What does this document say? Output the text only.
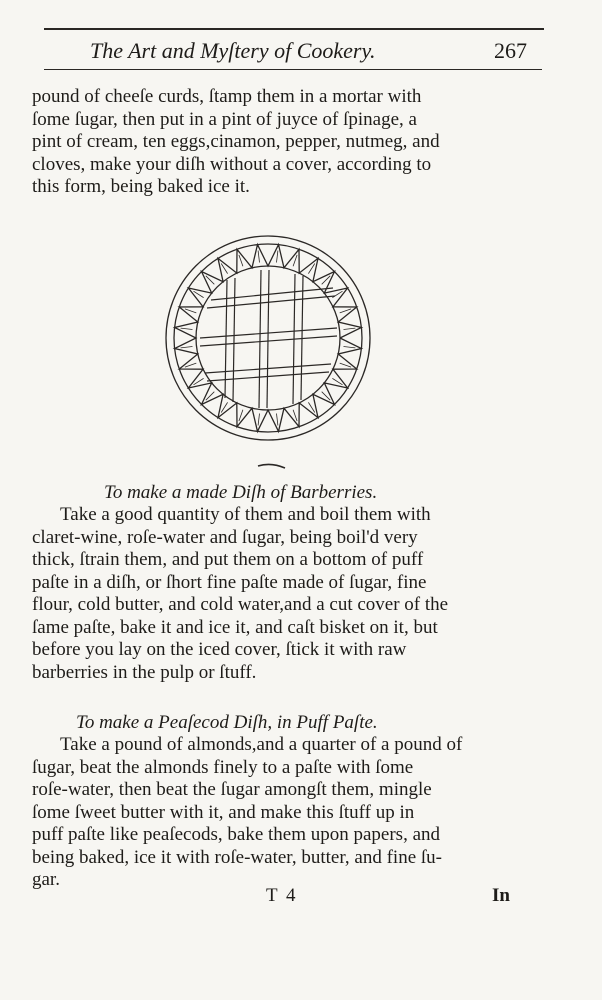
The Art and Myſtery of Cookery.	267
pound of cheeſe curds, ſtamp them in a mortar with
ſome ſugar, then put in a pint of juyce of ſpinage, a
pint of cream, ten eggs,cinamon, pepper, nutmeg, and
cloves, make your diſh without a cover, according to
this form, being baked ice it.
To make a made Diſh of Barberries.
Take a good quantity of them and boil them with
claret-wine, roſe-water and ſugar, being boil'd very
thick, ſtrain them, and put them on a bottom of puff
paſte in a diſh, or ſhort fine paſte made of ſugar, fine
flour, cold butter, and cold water,and a cut cover of the
ſame paſte, bake it and ice it, and caſt bisket on it, but
before you lay on the iced cover, ſtick it with raw
barberries in the pulp or ſtuff.
To make a Peaſecod Diſh, in Puff Paſte.
Take a pound of almonds,and a quarter of a pound of
ſugar, beat the almonds finely to a paſte with ſome
roſe-water, then beat the ſugar amongſt them, mingle
ſome ſweet butter with it, and make this ſtuff up in
puff paſte like peaſecods, bake them upon papers, and
being baked, ice it with roſe-water, butter, and fine ſu-
gar.
T 4	In
